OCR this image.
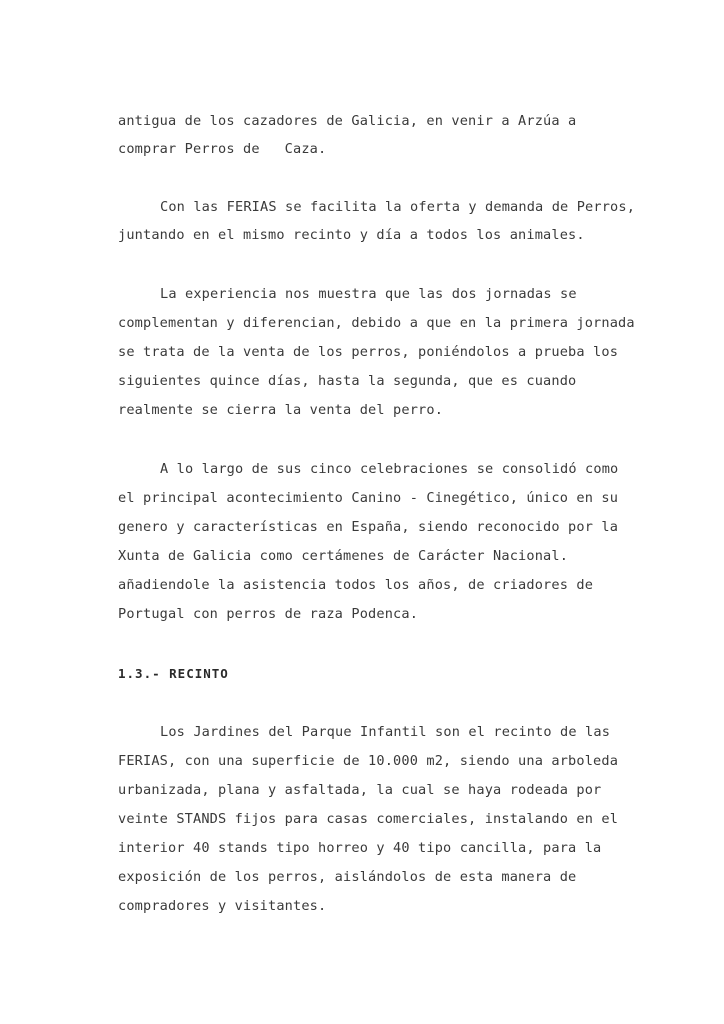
antigua de los cazadores de Galicia, en venir a Arzúa a
comprar Perros de   Caza.
Con las FERIAS se facilita la oferta y demanda de Perros,
juntando en el mismo recinto y día a todos los animales.
La experiencia nos muestra que las dos jornadas se
complementan y diferencian, debido a que en la primera jornada
se trata de la venta de los perros, poniéndolos a prueba los
siguientes quince días, hasta la segunda, que es cuando
realmente se cierra la venta del perro.
A lo largo de sus cinco celebraciones se consolidó como
el principal acontecimiento Canino - Cinegético, único en su
genero y características en España, siendo reconocido por la
Xunta de Galicia como certámenes de Carácter Nacional.
añadiendole la asistencia todos los años, de criadores de
Portugal con perros de raza Podenca.
1.3.- RECINTO
Los Jardines del Parque Infantil son el recinto de las
FERIAS, con una superficie de 10.000 m2, siendo una arboleda
urbanizada, plana y asfaltada, la cual se haya rodeada por
veinte STANDS fijos para casas comerciales, instalando en el
interior 40 stands tipo horreo y 40 tipo cancilla, para la
exposición de los perros, aislándolos de esta manera de
compradores y visitantes.
